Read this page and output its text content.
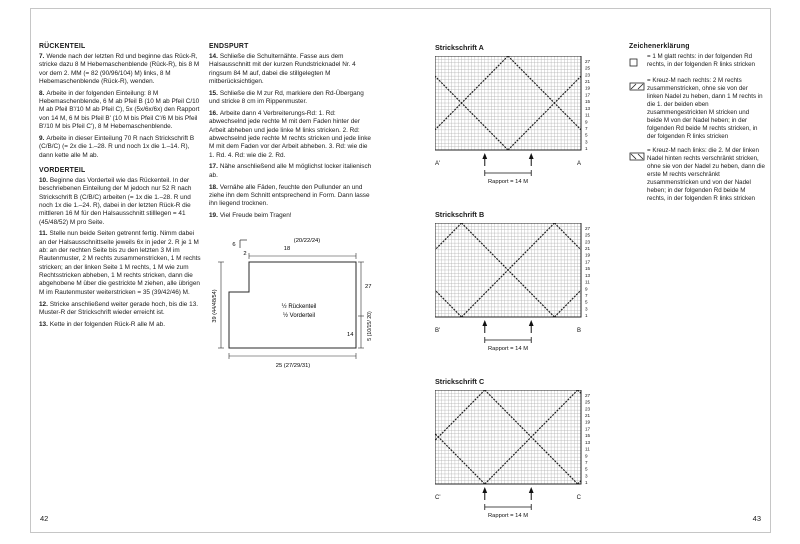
RÜCKENTEIL

7. Wende nach der letzten Rd und beginne das Rück-R, stricke dazu 8 M Hebemaschenblende (Rück-R), bis 8 M vor dem 2. MM (= 82 (90/96/104) M) links, 8 M Hebemaschenblende (Rück-R), wenden.

8. Arbeite in der folgenden Einteilung: 8 M Hebemaschenblende, 6 M ab Pfeil B (10 M ab Pfeil C/10 M ab Pfeil B'/10 M ab Pfeil C), 5x (5x/6x/6x) den Rapport von 14 M, 6 M bis Pfeil B' (10 M bis Pfeil C'/6 M bis Pfeil B'/10 M bis Pfeil C'), 8 M Hebemaschenblende.

9. Arbeite in dieser Einteilung 70 R nach Strickschrift B (C/B/C) (= 2x die 1.–28. R und noch 1x die 1.–14. R), dann kette alle M ab.

VORDERTEIL

10. Beginne das Vorderteil wie das Rückenteil. In der beschriebenen Einteilung der M jedoch nur 52 R nach Strickschrift B (C/B/C) arbeiten (= 1x die 1.–28. R und noch 1x die 1.–24. R), dabei in der letzten Rück-R die mittleren 16 M für den Halsausschnitt stilllegen = 41 (45/48/52) M pro Seite.

11. Stelle nun beide Seiten getrennt fertig. Nimm dabei an der Halsausschnittseite jeweils 6x in jeder 2. R je 1 M ab: an der rechten Seite bis zu den letzten 3 M im Rautenmuster, 2 M rechts zusammenstricken, 1 M rechts stricken; an der linken Seite 1 M rechts, 1 M wie zum Rechtsstricken abheben, 1 M rechts stricken, dann die abgehobene M über die gestrickte M ziehen, alle übrigen M im Rautenmuster weiterstricken = 35 (39/42/46) M.

12. Stricke anschließend weiter gerade hoch, bis die 13. Muster-R der Strickschrift wieder erreicht ist.

13. Kette in der folgenden Rück-R alle M ab.

ENDSPURT

14. Schließe die Schulternähte. Fasse aus dem Halsausschnitt mit der kurzen Rundstricknadel Nr. 4 ringsum 84 M auf, dabei die stillgelegten M mitberücksichtigen.

15. Schließe die M zur Rd, markiere den Rd-Übergang und stricke 8 cm im Rippenmuster.

16. Arbeite dann 4 Verbreiterungs-Rd: 1. Rd: abwechselnd jede rechte M mit dem Faden hinter der Arbeit abheben und jede linke M links stricken. 2. Rd: abwechselnd jede rechte M rechts stricken und jede linke M mit dem Faden vor der Arbeit abheben. 3. Rd: wie die 1. Rd. 4. Rd: wie die 2. Rd.

17. Nähe anschließend alle M möglichst locker italienisch ab.

18. Vernähe alle Fäden, feuchte den Pullunder an und ziehe ihn dem Schnitt entsprechend in Form. Dann lasse ihn liegend trocknen.

19. Viel Freude beim Tragen!

6
2
(20/22/24)
18
39 (44/48/54)
27
14	5 (10/15/ 20)
25 (27/29/31)
½ Rückenteil
½ Vorderteil
Strickschrift A
27
25
23
21
19
17
15
13
11
9
7
5
3
1
A'	A
Rapport = 14 M
Strickschrift B
27
25
23
21
19
17
15
13
11
9
7
5
3
1
B'	B
Rapport = 14 M
Strickschrift C
27
25
23
21
19
17
15
13
11
9
7
5
3
1
C'	C
Rapport = 14 M
Zeichenerklärung
= 1 M glatt rechts: in der folgenden Rd rechts, in der folgenden R links stricken
= Kreuz-M nach rechts: 2 M rechts zusammenstricken, ohne sie von der linken Nadel zu heben, dann 1 M rechts in die 1. der beiden eben zusammengestrickten M stricken und beide M von der Nadel heben; in der folgenden Rd beide M rechts stricken, in der folgenden R links stricken
= Kreuz-M nach links: die 2. M der linken Nadel hinten rechts verschränkt stricken, ohne sie von der Nadel zu heben, dann die erste M rechts verschränkt zusammenstricken und von der Nadel heben; in der folgenden Rd beide M rechts, in der folgenden R links stricken
42	43
